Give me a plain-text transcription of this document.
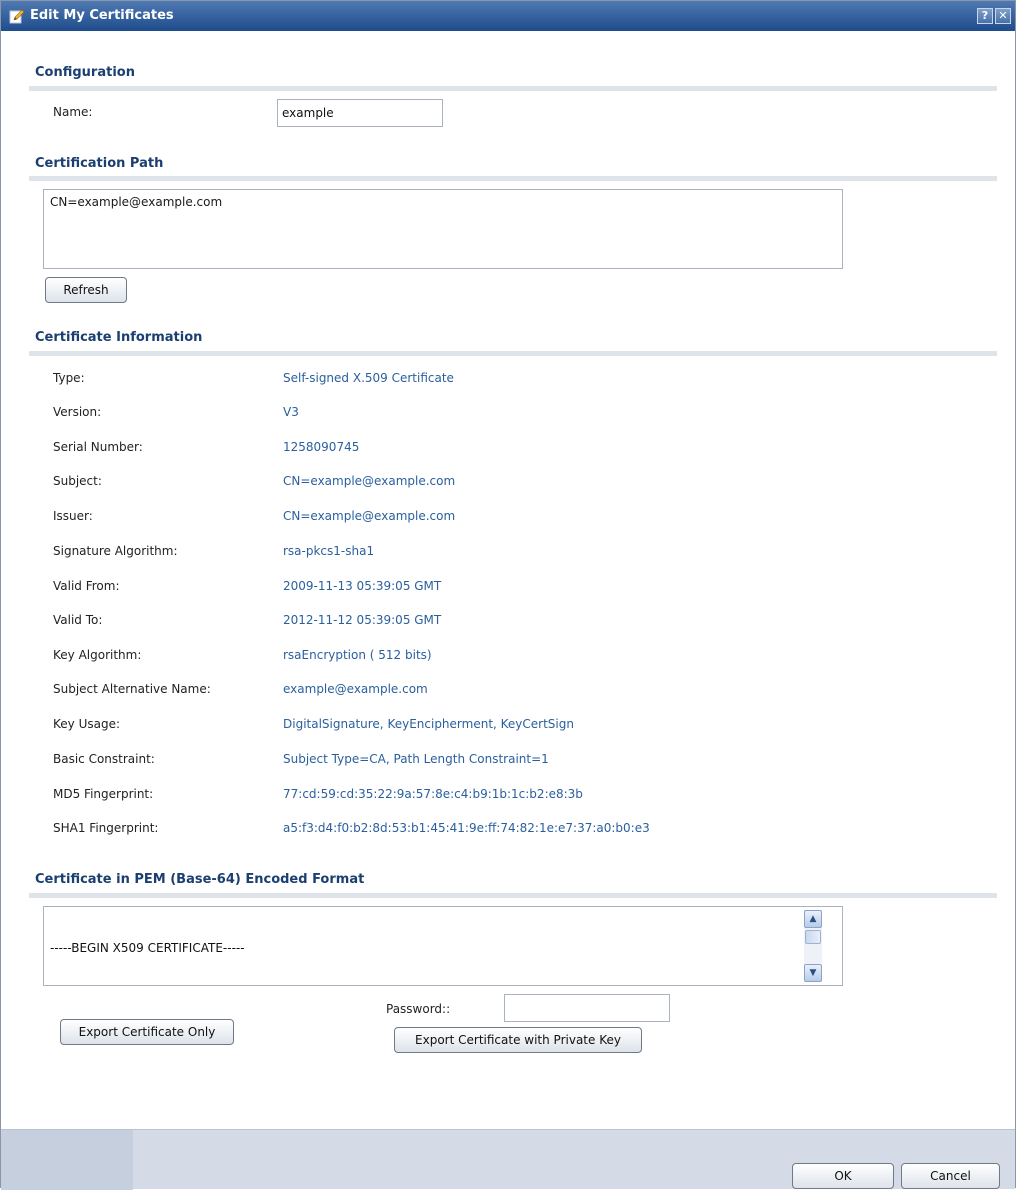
Edit My Certificates	? ✕
Configuration
Name:
example
Certification Path
CN=example@example.com
Refresh
Certificate Information
Type:	Self-signed X.509 Certificate
Version:	V3
Serial Number:	1258090745
Subject:	CN=example@example.com
Issuer:	CN=example@example.com
Signature Algorithm:	rsa-pkcs1-sha1
Valid From:	2009-11-13 05:39:05 GMT
Valid To:	2012-11-12 05:39:05 GMT
Key Algorithm:	rsaEncryption ( 512 bits)
Subject Alternative Name:	example@example.com
Key Usage:	DigitalSignature, KeyEncipherment, KeyCertSign
Basic Constraint:	Subject Type=CA, Path Length Constraint=1
MD5 Fingerprint:	77:cd:59:cd:35:22:9a:57:8e:c4:b9:1b:1c:b2:e8:3b
SHA1 Fingerprint:	a5:f3:d4:f0:b2:8d:53:b1:45:41:9e:ff:74:82:1e:e7:37:a0:b0:e3
Certificate in PEM (Base-64) Encoded Format

-----BEGIN X509 CERTIFICATE-----

▲
▼
Password::
Export Certificate Only
Export Certificate with Private Key
OK	Cancel
